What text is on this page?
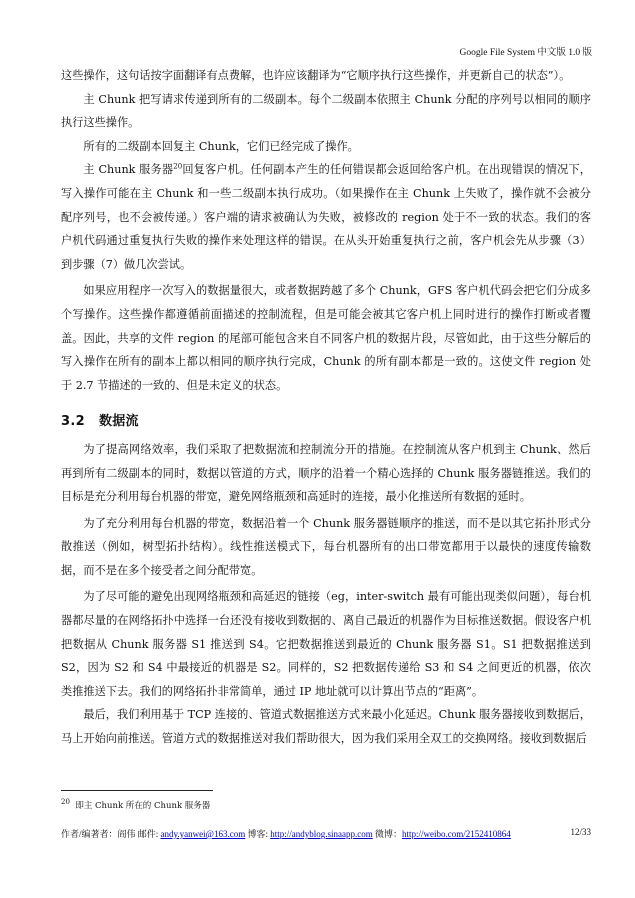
Google File System 中文版 1.0 版

这些操作，这句话按字面翻译有点费解，也许应该翻译为“它顺序执行这些操作，并更新自己的状态”）。

主 Chunk 把写请求传递到所有的二级副本。每个二级副本依照主 Chunk 分配的序列号以相同的顺序执行这些操作。

所有的二级副本回复主 Chunk，它们已经完成了操作。

主 Chunk 服务器$^{20}$回复客户机。任何副本产生的任何错误都会返回给客户机。在出现错误的情况下，写入操作可能在主 Chunk 和一些二级副本执行成功。（如果操作在主 Chunk 上失败了，操作就不会被分配序列号，也不会被传递。）客户端的请求被确认为失败，被修改的 region 处于不一致的状态。我们的客户机代码通过重复执行失败的操作来处理这样的错误。在从头开始重复执行之前，客户机会先从步骤（3）到步骤（7）做几次尝试。

如果应用程序一次写入的数据量很大，或者数据跨越了多个 Chunk，GFS 客户机代码会把它们分成多个写操作。这些操作都遵循前面描述的控制流程，但是可能会被其它客户机上同时进行的操作打断或者覆盖。因此，共享的文件 region 的尾部可能包含来自不同客户机的数据片段，尽管如此，由于这些分解后的写入操作在所有的副本上都以相同的顺序执行完成，Chunk 的所有副本都是一致的。这使文件 region 处于 2.7 节描述的一致的、但是未定义的状态。

3.2 数据流

为了提高网络效率，我们采取了把数据流和控制流分开的措施。在控制流从客户机到主 Chunk、然后再到所有二级副本的同时，数据以管道的方式，顺序的沿着一个精心选择的 Chunk 服务器链推送。我们的目标是充分利用每台机器的带宽，避免网络瓶颈和高延时的连接，最小化推送所有数据的延时。

为了充分利用每台机器的带宽，数据沿着一个 Chunk 服务器链顺序的推送，而不是以其它拓扑形式分散推送（例如，树型拓扑结构）。线性推送模式下，每台机器所有的出口带宽都用于以最快的速度传输数据，而不是在多个接受者之间分配带宽。

为了尽可能的避免出现网络瓶颈和高延迟的链接（eg，inter-switch 最有可能出现类似问题），每台机器都尽量的在网络拓扑中选择一台还没有接收到数据的、离自己最近的机器作为目标推送数据。假设客户机把数据从 Chunk 服务器 S1 推送到 S4。它把数据推送到最近的 Chunk 服务器 S1。S1 把数据推送到 S2，因为 S2 和 S4 中最接近的机器是 S2。同样的，S2 把数据传递给 S3 和 S4 之间更近的机器，依次类推推送下去。我们的网络拓扑非常简单，通过 IP 地址就可以计算出节点的“距离”。

最后，我们利用基于 TCP 连接的、管道式数据推送方式来最小化延迟。Chunk 服务器接收到数据后，马上开始向前推送。管道方式的数据推送对我们帮助很大，因为我们采用全双工的交换网络。接收到数据后

$^{20}$ 即主 Chunk 所在的 Chunk 服务器
作者/编著者：阎伟 邮件: andy.yanwei@163.com 博客: http://andyblog.sinaapp.com 微博：http://weibo.com/2152410864	12/33
